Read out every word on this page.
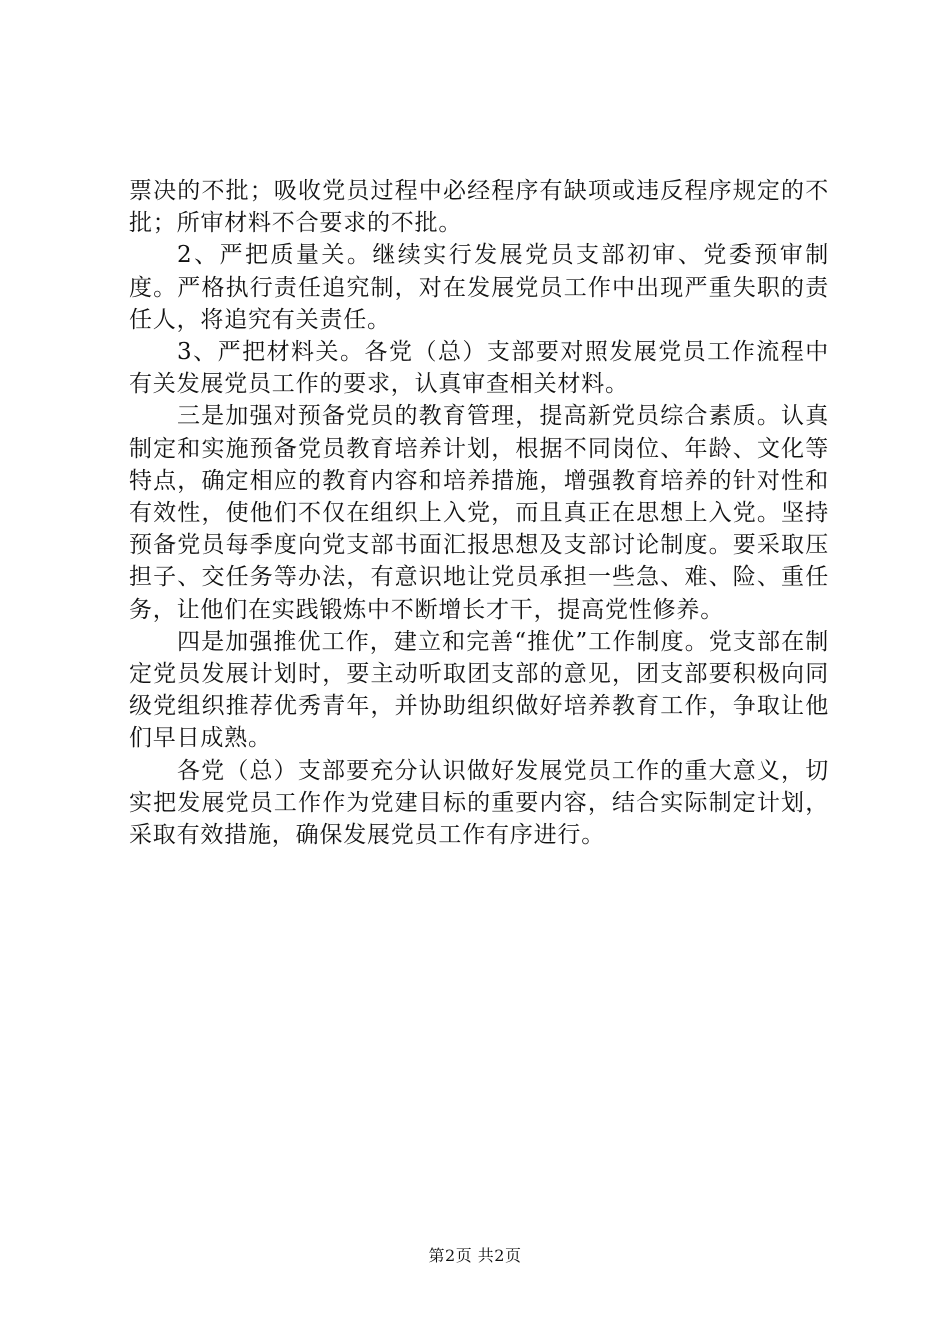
票决的不批；吸收党员过程中必经程序有缺项或违反程序规定的不批；所审材料不合要求的不批。

2、严把质量关。继续实行发展党员支部初审、党委预审制度。严格执行责任追究制，对在发展党员工作中出现严重失职的责任人，将追究有关责任。

3、严把材料关。各党（总）支部要对照发展党员工作流程中有关发展党员工作的要求，认真审查相关材料。

三是加强对预备党员的教育管理，提高新党员综合素质。认真制定和实施预备党员教育培养计划，根据不同岗位、年龄、文化等特点，确定相应的教育内容和培养措施，增强教育培养的针对性和有效性，使他们不仅在组织上入党，而且真正在思想上入党。坚持预备党员每季度向党支部书面汇报思想及支部讨论制度。要采取压担子、交任务等办法，有意识地让党员承担一些急、难、险、重任务，让他们在实践锻炼中不断增长才干，提高党性修养。

四是加强推优工作，建立和完善“推优”工作制度。党支部在制定党员发展计划时，要主动听取团支部的意见，团支部要积极向同级党组织推荐优秀青年，并协助组织做好培养教育工作，争取让他们早日成熟。

各党（总）支部要充分认识做好发展党员工作的重大意义，切实把发展党员工作作为党建目标的重要内容，结合实际制定计划，采取有效措施，确保发展党员工作有序进行。

第2页 共2页
